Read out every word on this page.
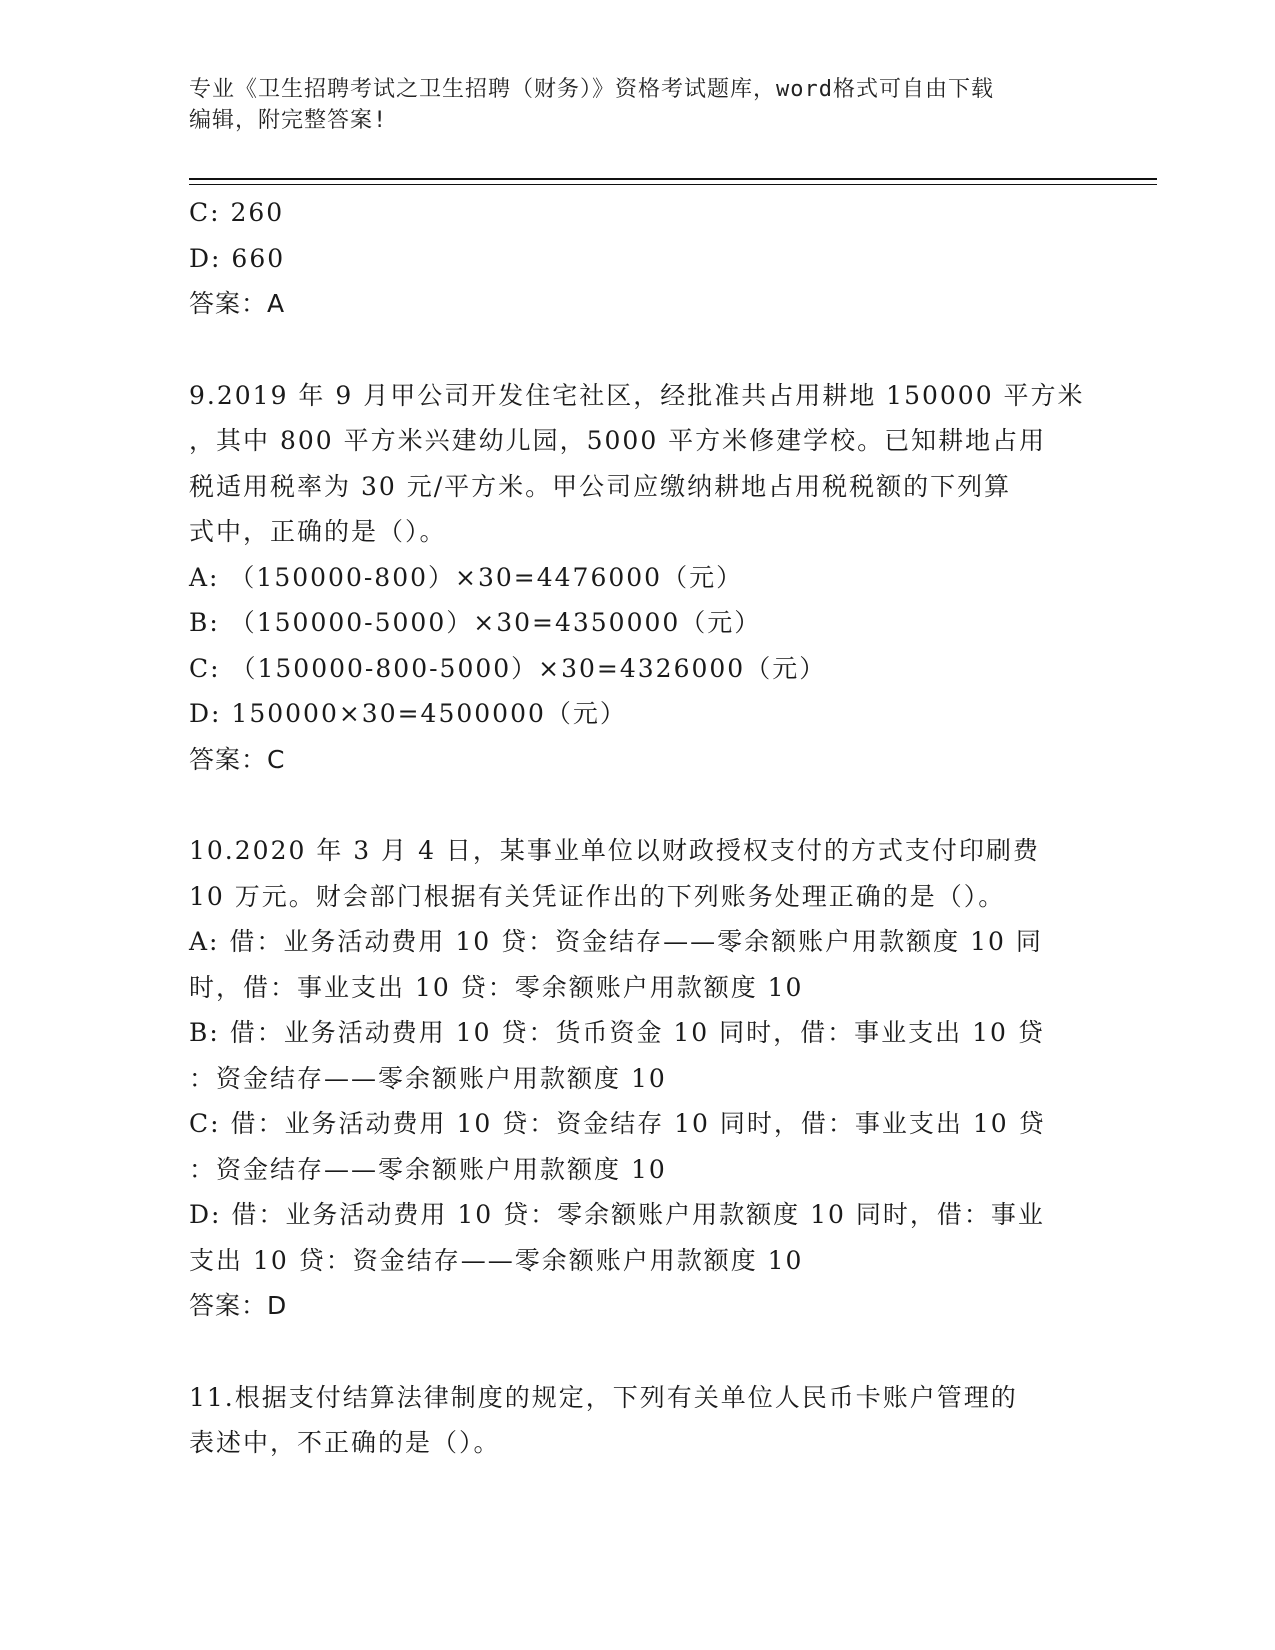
专业《卫生招聘考试之卫生招聘（财务）》资格考试题库，word格式可自由下载
编辑，附完整答案!
C: 260
D: 660
答案：A
9.2019 年 9 月甲公司开发住宅社区，经批准共占用耕地 150000 平方米
，其中 800 平方米兴建幼儿园，5000 平方米修建学校。已知耕地占用
税适用税率为 30 元/平方米。甲公司应缴纳耕地占用税税额的下列算
式中，正确的是（）。
A: （150000-800）×30=4476000（元）
B: （150000-5000）×30=4350000（元）
C: （150000-800-5000）×30=4326000（元）
D: 150000×30=4500000（元）
答案：C
10.2020 年 3 月 4 日，某事业单位以财政授权支付的方式支付印刷费
10 万元。财会部门根据有关凭证作出的下列账务处理正确的是（）。
A: 借：业务活动费用 10 贷：资金结存——零余额账户用款额度 10 同
时，借：事业支出 10 贷：零余额账户用款额度 10
B: 借：业务活动费用 10 贷：货币资金 10 同时，借：事业支出 10 贷
：资金结存——零余额账户用款额度 10
C: 借：业务活动费用 10 贷：资金结存 10 同时，借：事业支出 10 贷
：资金结存——零余额账户用款额度 10
D: 借：业务活动费用 10 贷：零余额账户用款额度 10 同时，借：事业
支出 10 贷：资金结存——零余额账户用款额度 10
答案：D
11.根据支付结算法律制度的规定，下列有关单位人民币卡账户管理的
表述中，不正确的是（）。
